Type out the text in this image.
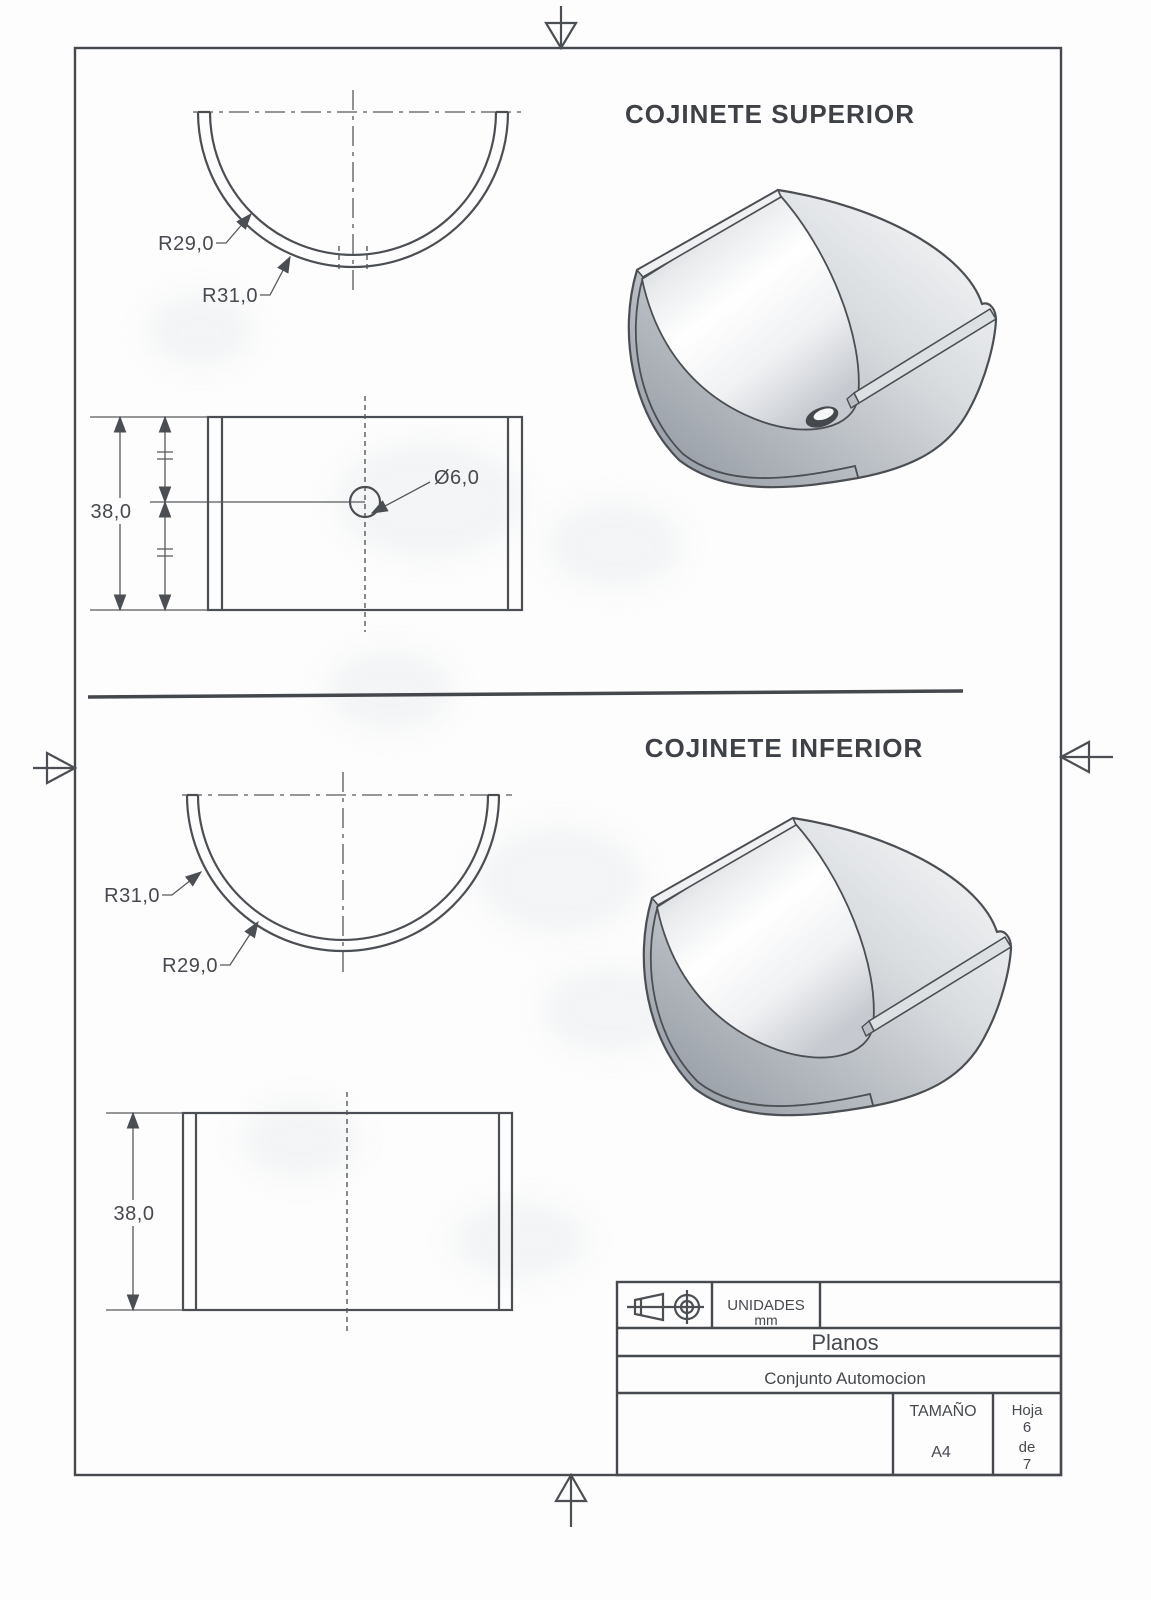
COJINETE SUPERIOR
R29,0
R31,0
38,0
Ø6,0
COJINETE INFERIOR
R31,0
R29,0
38,0
UNIDADES
mm
Planos
Conjunto Automocion
TAMAÑO
A4
Hoja
6
de
7
